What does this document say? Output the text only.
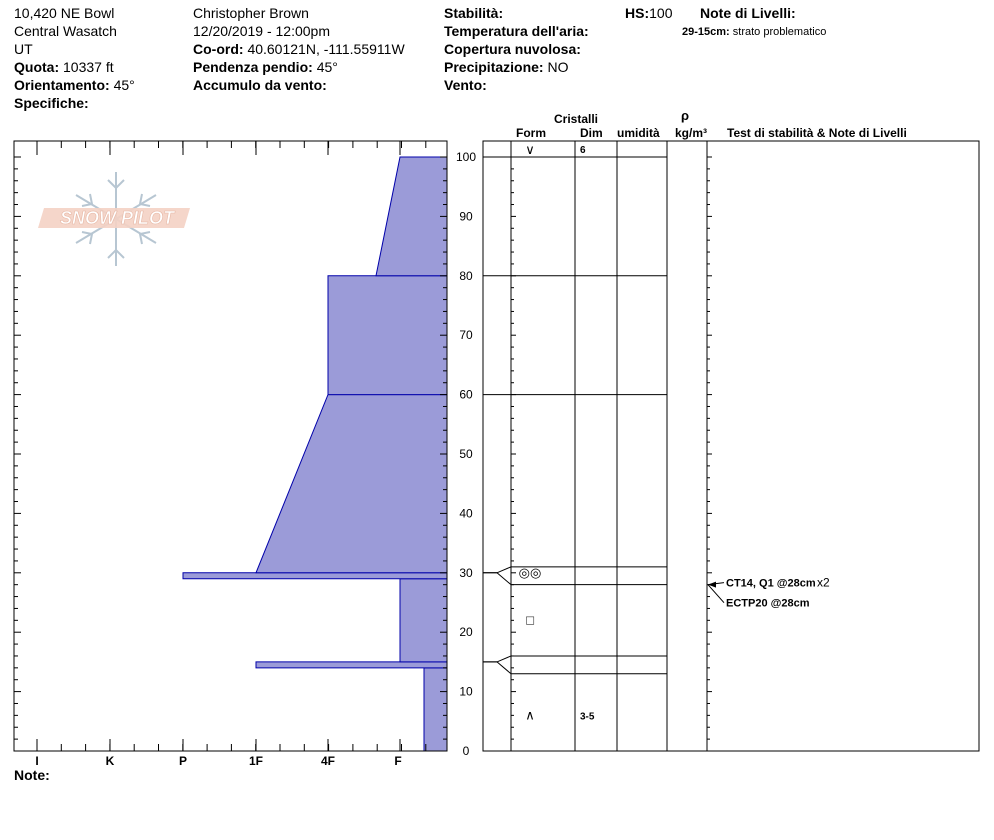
10,420 NE Bowl
Central Wasatch
UT
Quota: 10337 ft
Orientamento: 45°
Specifiche:
Christopher Brown
12/20/2019 - 12:00pm
Co-ord: 40.60121N, -111.55911W
Pendenza pendio: 45°
Accumulo da vento:
Stabilità:
Temperatura dell'aria:
Copertura nuvolosa:
Precipitazione: NO
Vento:
HS:100 Note di Livelli:
29-15cm: strato problematico
Cristalli
Form	Dim umidità
ρ
kg/m³ Test di stabilità & Note di Livelli
SNOW PILOT
I	K	P	1F	4F	F
0
10
20
30
40
50
60
70
80
90
100	∨	6
◎◎
□
∧	3-5
CT14, Q1 @28cm x2
ECTP20 @28cm
Note:
